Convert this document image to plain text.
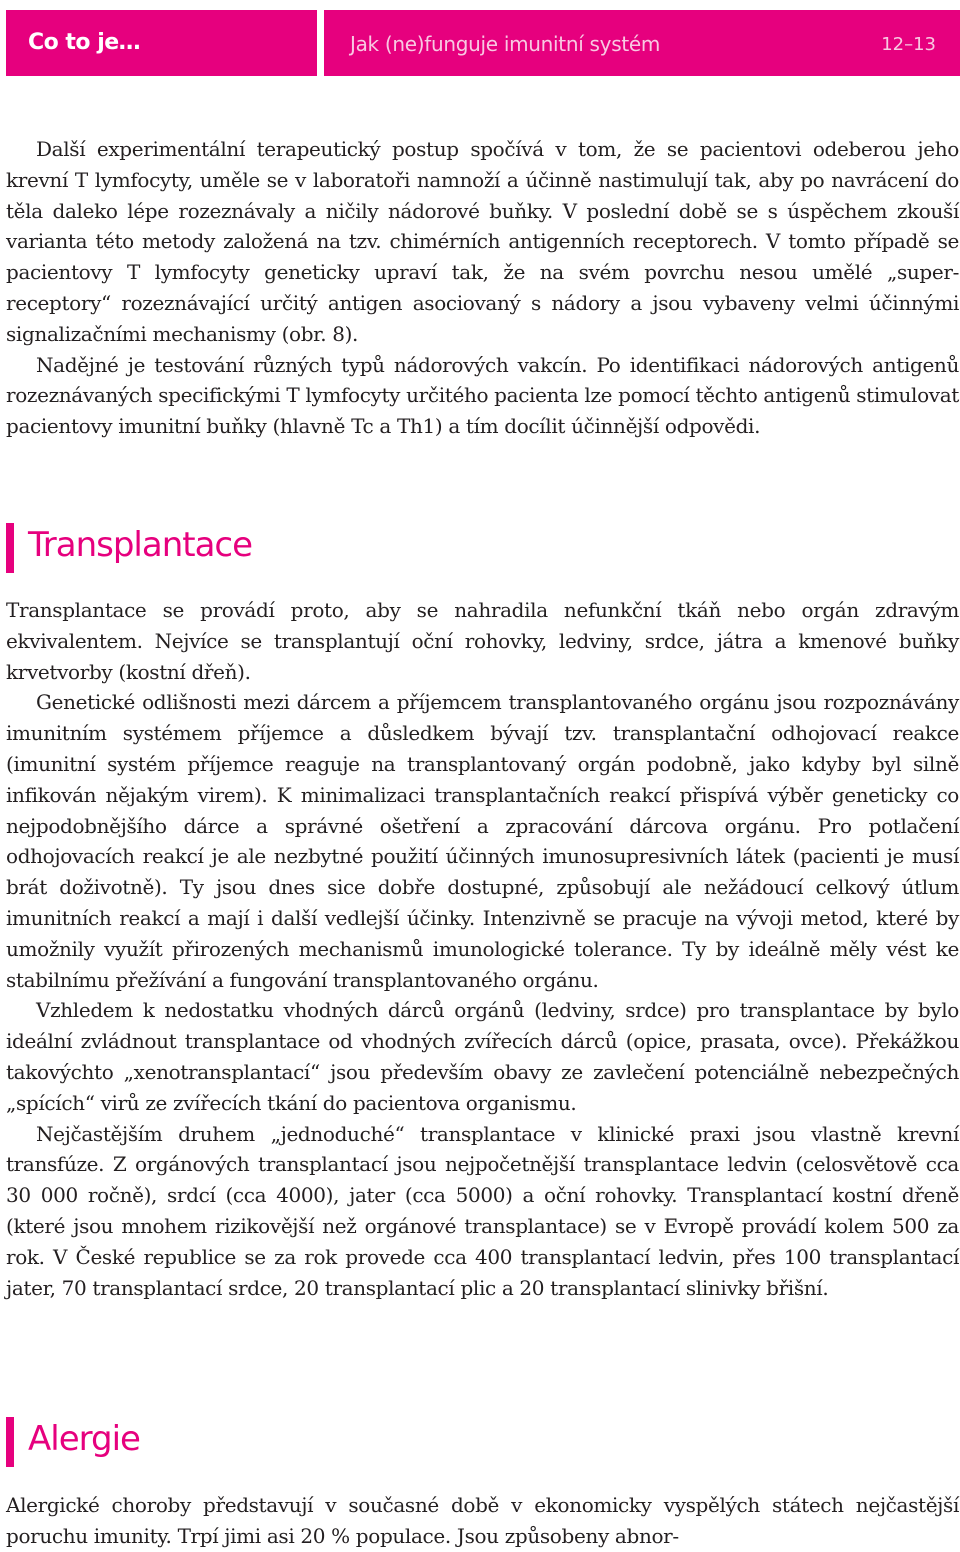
Co to je…	Jak (ne)funguje imunitní systém	12–13

Další experimentální terapeutický postup spočívá v tom, že se pacientovi odeberou jeho krevní T lymfocyty, uměle se v laboratoři namnoží a účinně nastimulují tak, aby po navrácení do těla daleko lépe rozeznávaly a ničily nádorové buňky. V poslední době se s úspěchem zkouší varianta této metody založená na tzv. chimérních antigenních receptorech. V tomto případě se pacientovy T lymfocyty geneticky upraví tak, že na svém povrchu nesou umělé „super-receptory“ rozeznávající určitý antigen asociovaný s nádory a jsou vybaveny velmi účinnými signalizačními mechanismy (obr. 8).

Nadějné je testování různých typů nádorových vakcín. Po identifikaci nádorových antigenů rozeznávaných specifickými T lymfocyty určitého pacienta lze pomocí těchto antigenů stimulovat pacientovy imunitní buňky (hlavně Tc a Th1) a tím docílit účinnější odpovědi.

Transplantace

Transplantace se provádí proto, aby se nahradila nefunkční tkáň nebo orgán zdravým ekvivalentem. Nejvíce se transplantují oční rohovky, ledviny, srdce, játra a kmenové buňky krvetvorby (kostní dřeň).

Genetické odlišnosti mezi dárcem a příjemcem transplantovaného orgánu jsou rozpoznávány imunitním systémem příjemce a důsledkem bývají tzv. transplantační odhojovací reakce (imunitní systém příjemce reaguje na transplantovaný orgán podobně, jako kdyby byl silně infikován nějakým virem). K minimalizaci transplantačních reakcí přispívá výběr geneticky co nejpodobnějšího dárce a správné ošetření a zpracování dárcova orgánu. Pro potlačení odhojovacích reakcí je ale nezbytné použití účinných imunosupresivních látek (pacienti je musí brát doživotně). Ty jsou dnes sice dobře dostupné, způsobují ale nežádoucí celkový útlum imunitních reakcí a mají i další vedlejší účinky. Intenzivně se pracuje na vývoji metod, které by umožnily využít přirozených mechanismů imunologické tolerance. Ty by ideálně měly vést ke stabilnímu přežívání a fungování transplantovaného orgánu.

Vzhledem k nedostatku vhodných dárců orgánů (ledviny, srdce) pro transplantace by bylo ideální zvládnout transplantace od vhodných zvířecích dárců (opice, prasata, ovce). Překážkou takovýchto „xenotransplantací“ jsou především obavy ze zavlečení potenciálně nebezpečných „spících“ virů ze zvířecích tkání do pacientova organismu.

Nejčastějším druhem „jednoduché“ transplantace v klinické praxi jsou vlastně krevní transfúze. Z orgánových transplantací jsou nejpočetnější transplantace ledvin (celosvětově cca 30 000 ročně), srdcí (cca 4000), jater (cca 5000) a oční rohovky. Transplantací kostní dřeně (které jsou mnohem rizikovější než orgánové transplantace) se v Evropě provádí kolem 500 za rok. V České republice se za rok provede cca 400 transplantací ledvin, přes 100 transplantací jater, 70 transplantací srdce, 20 transplantací plic a 20 transplantací slinivky břišní.

Alergie

Alergické choroby představují v současné době v ekonomicky vyspělých státech nejčastější poruchu imunity. Trpí jimi asi 20 % populace. Jsou způsobeny abnor-
